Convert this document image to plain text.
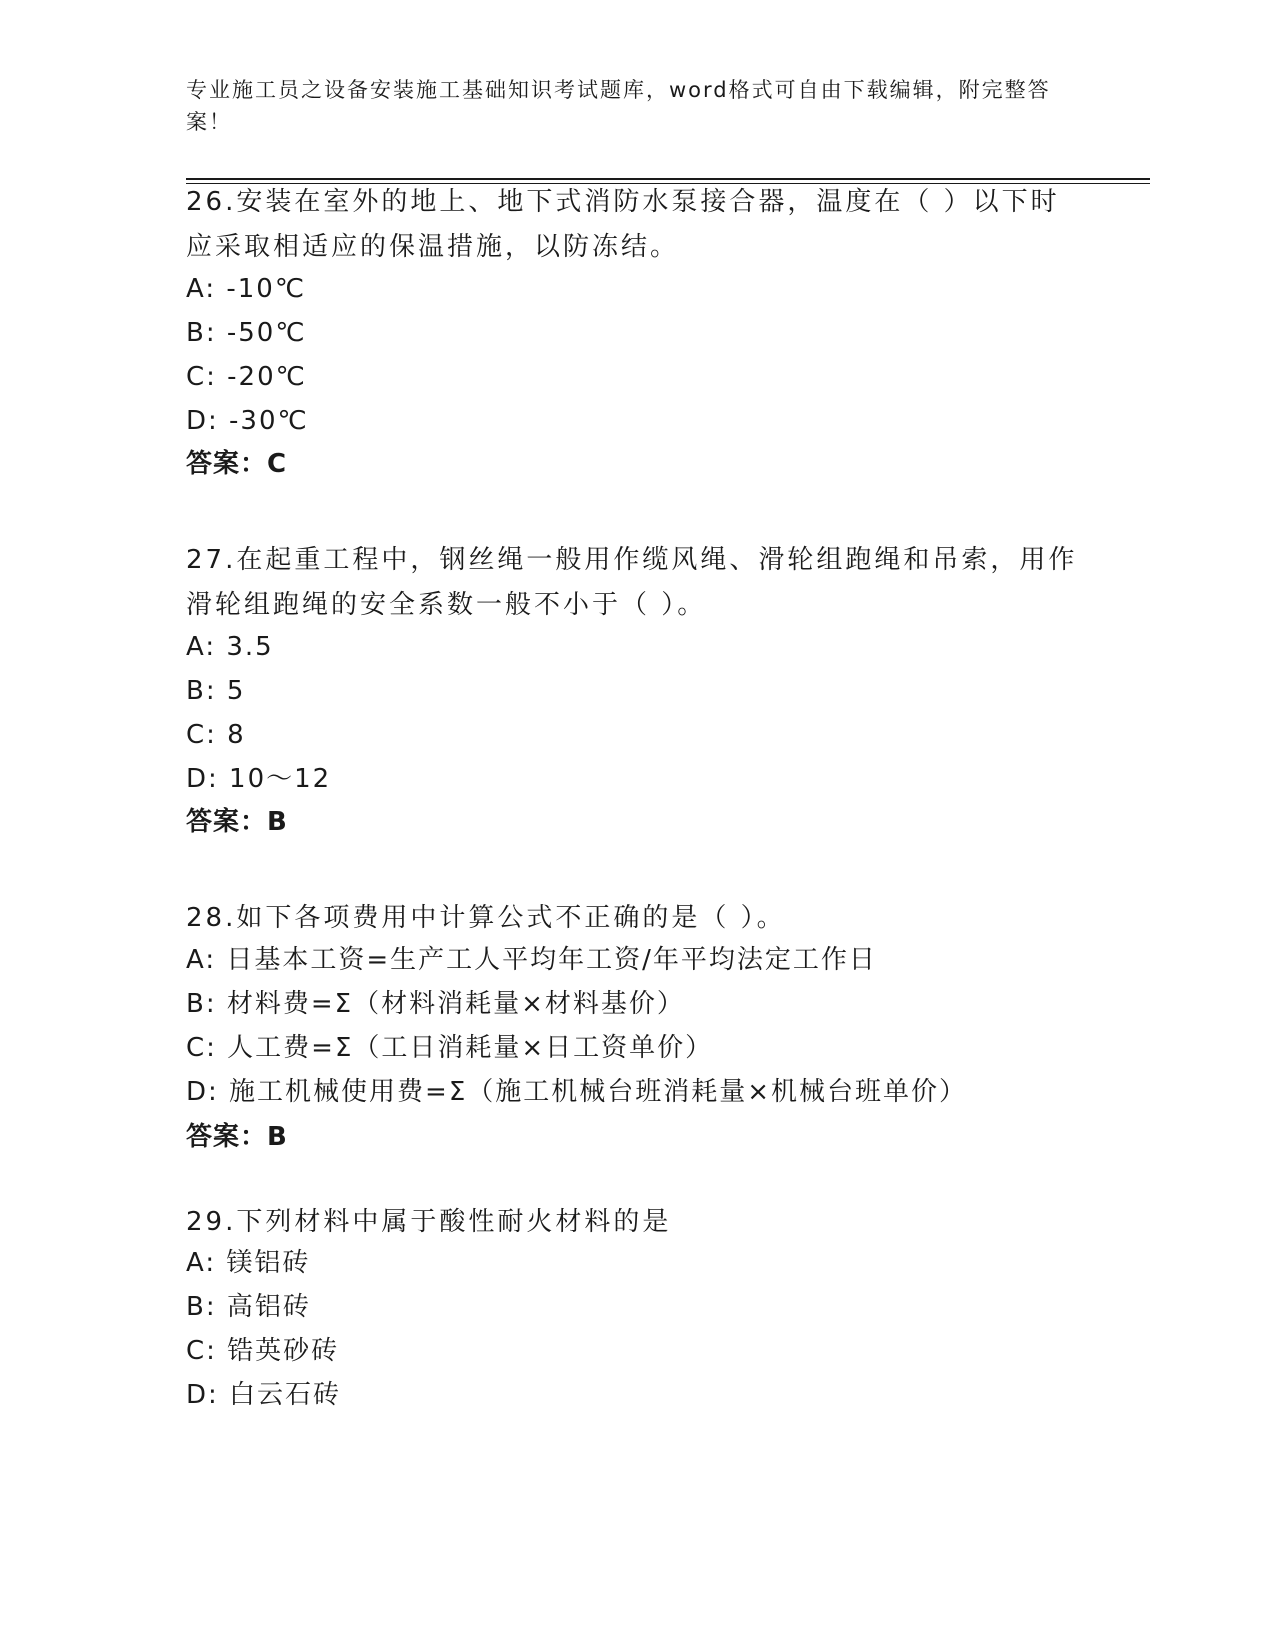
专业施工员之设备安装施工基础知识考试题库，word格式可自由下载编辑，附完整答案！
26.安装在室外的地上、地下式消防水泵接合器，温度在（ ）以下时应采取相适应的保温措施，以防冻结。
A: -10℃
B: -50℃
C: -20℃
D: -30℃
答案：C
27.在起重工程中，钢丝绳一般用作缆风绳、滑轮组跑绳和吊索，用作滑轮组跑绳的安全系数一般不小于（ ）。
A: 3.5
B: 5
C: 8
D: 10～12
答案：B
28.如下各项费用中计算公式不正确的是（ ）。
A: 日基本工资=生产工人平均年工资/年平均法定工作日
B: 材料费=Σ（材料消耗量×材料基价）
C: 人工费=Σ（工日消耗量×日工资单价）
D: 施工机械使用费=Σ（施工机械台班消耗量×机械台班单价）
答案：B
29.下列材料中属于酸性耐火材料的是
A: 镁铝砖
B: 高铝砖
C: 锆英砂砖
D: 白云石砖
